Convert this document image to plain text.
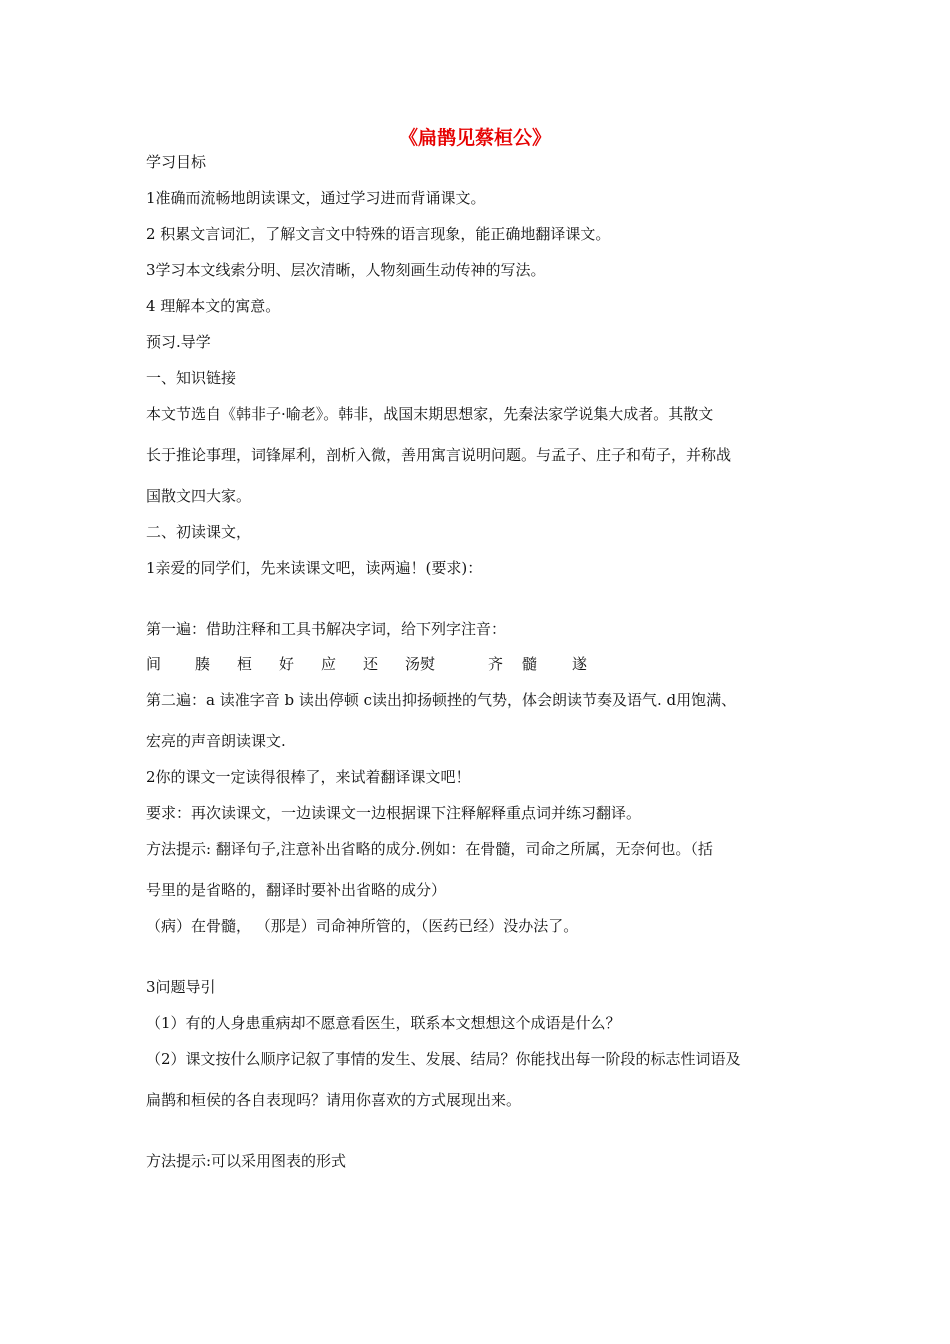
《扁鹊见蔡桓公》
学习目标
1准确而流畅地朗读课文，通过学习进而背诵课文。
2 积累文言词汇，了解文言文中特殊的语言现象，能正确地翻译课文。
3学习本文线索分明、层次清晰，人物刻画生动传神的写法。
4 理解本文的寓意。
预习.导学
一、知识链接
本文节选自《韩非子·喻老》。韩非，战国末期思想家，先秦法家学说集大成者。其散文
长于推论事理，词锋犀利，剖析入微，善用寓言说明问题。与孟子、庄子和荀子，并称战
国散文四大家。
二、初读课文，
1亲爱的同学们，先来读课文吧，读两遍！(要求)：
第一遍：借助注释和工具书解决字词，给下列字注音：
间 腠 桓 好 应 还 汤熨	齐 髓 遂
第二遍：a 读准字音 b 读出停顿 c读出抑扬顿挫的气势，体会朗读节奏及语气. d用饱满、
宏亮的声音朗读课文.
2你的课文一定读得很棒了，来试着翻译课文吧！
要求：再次读课文，一边读课文一边根据课下注释解释重点词并练习翻译。
方法提示: 翻译句子,注意补出省略的成分.例如：在骨髓，司命之所属，无奈何也。（括
号里的是省略的，翻译时要补出省略的成分）
（病）在骨髓， （那是）司命神所管的，（医药已经）没办法了。
3问题导引
（1）有的人身患重病却不愿意看医生，联系本文想想这个成语是什么？
（2）课文按什么顺序记叙了事情的发生、发展、结局？你能找出每一阶段的标志性词语及
扁鹊和桓侯的各自表现吗？请用你喜欢的方式展现出来。
方法提示:可以采用图表的形式
